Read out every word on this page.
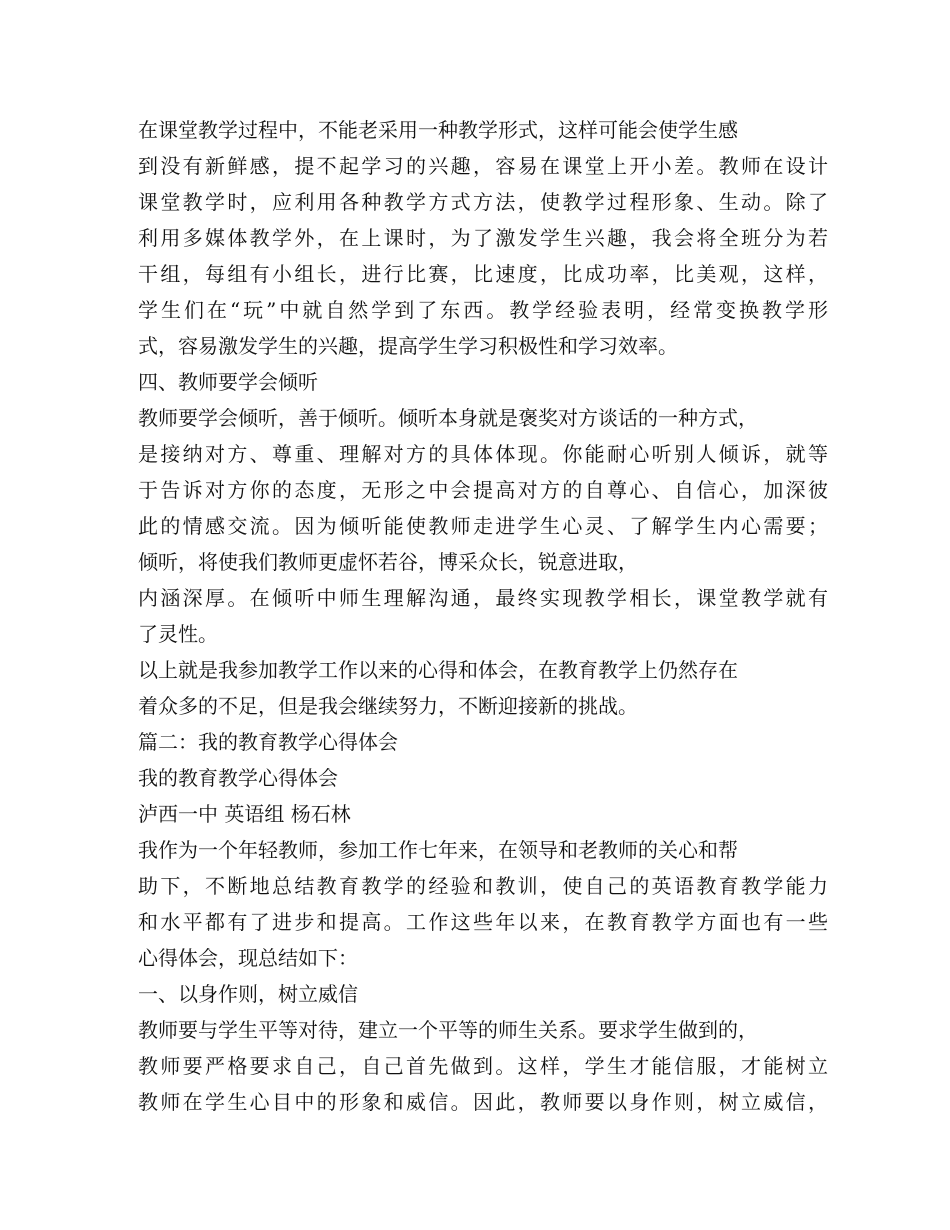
在课堂教学过程中，不能老采用一种教学形式，这样可能会使学生感
到没有新鲜感，提不起学习的兴趣，容易在课堂上开小差。教师在设计
课堂教学时，应利用各种教学方式方法，使教学过程形象、生动。除了
利用多媒体教学外，在上课时，为了激发学生兴趣，我会将全班分为若
干组，每组有小组长，进行比赛，比速度，比成功率，比美观，这样，
学生们在“玩”中就自然学到了东西。教学经验表明，经常变换教学形
式，容易激发学生的兴趣，提高学生学习积极性和学习效率。
四、教师要学会倾听
教师要学会倾听，善于倾听。倾听本身就是褒奖对方谈话的一种方式，
是接纳对方、尊重、理解对方的具体体现。你能耐心听别人倾诉，就等
于告诉对方你的态度，无形之中会提高对方的自尊心、自信心，加深彼
此的情感交流。因为倾听能使教师走进学生心灵、了解学生内心需要；
倾听，将使我们教师更虚怀若谷，博采众长，锐意进取，
内涵深厚。在倾听中师生理解沟通，最终实现教学相长，课堂教学就有
了灵性。
以上就是我参加教学工作以来的心得和体会，在教育教学上仍然存在
着众多的不足，但是我会继续努力，不断迎接新的挑战。
篇二：我的教育教学心得体会
我的教育教学心得体会
泸西一中 英语组 杨石林
我作为一个年轻教师，参加工作七年来，在领导和老教师的关心和帮
助下，不断地总结教育教学的经验和教训，使自己的英语教育教学能力
和水平都有了进步和提高。工作这些年以来，在教育教学方面也有一些
心得体会，现总结如下：
一、以身作则，树立威信
教师要与学生平等对待，建立一个平等的师生关系。要求学生做到的，
教师要严格要求自己，自己首先做到。这样，学生才能信服，才能树立
教师在学生心目中的形象和威信。因此，教师要以身作则，树立威信，
